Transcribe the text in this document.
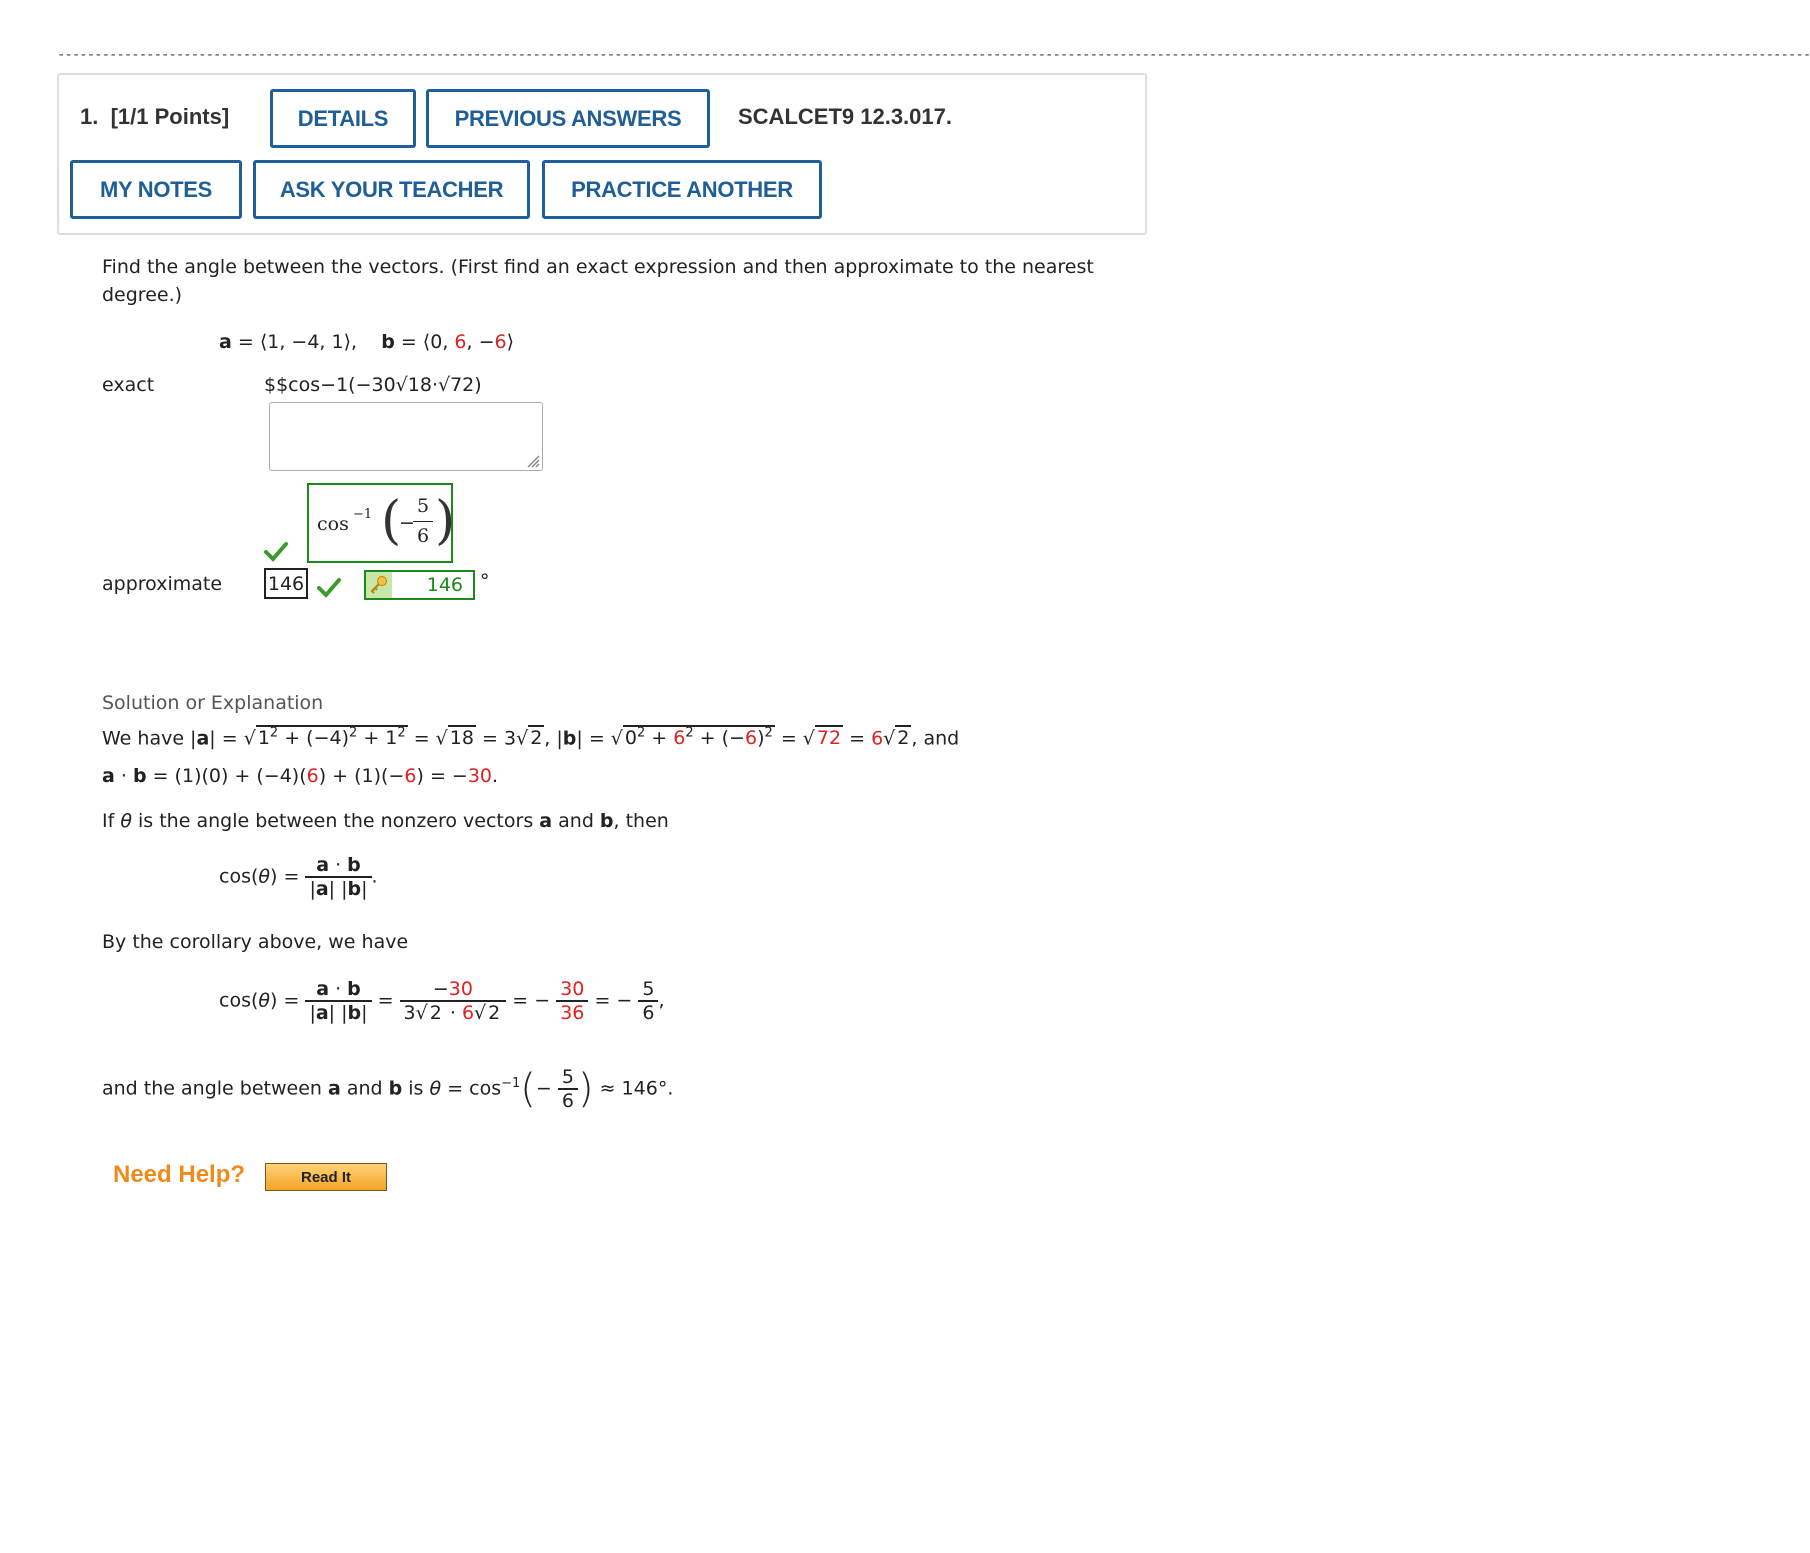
--------------------------------------------------------------------------------------------------------------------------------------------------------------------------------------------------------------------------------------------
1. [1/1 Points]	DETAILS	PREVIOUS ANSWERS	SCALCET9 12.3.017.
MY NOTES	ASK YOUR TEACHER	PRACTICE ANOTHER
Find the angle between the vectors. (First find an exact expression and then approximate to the nearest
degree.)
a = ⟨1, −4, 1⟩,    b = ⟨0, 6, −6⟩
exact	$$cos−1(−30√18·√72)
cos −1 (
−
5
6 )
approximate 146	146 °
Solution or Explanation
We have |a| = √ $1^2 + (-4)^2 + 1^2$ = √ 18 = 3√ 2 , |b| = √ $0^2 + 6^2 + (-6)^2$ = √ 72 = 6√ 2 , and
a · b = (1)(0) + (−4)(6) + (1)(−6) = −30.
If θ is the angle between the nonzero vectors a and b, then
$\cos(\theta) = \frac{a \cdot b}{|a| |b|}$ .
By the corollary above, we have
$\cos(\theta) = \frac{a \cdot b}{|a| |b|} = \frac{-30}{3√ 2 \cdot 6√ 2}$ = − $\frac{30}{36}$ = − $\frac{5}{6}$ ,
and the angle between a and b is $\theta = \cos^{-1}(- \frac{5}{6}$ ) ≈ 146°.
Need Help?	Read It
